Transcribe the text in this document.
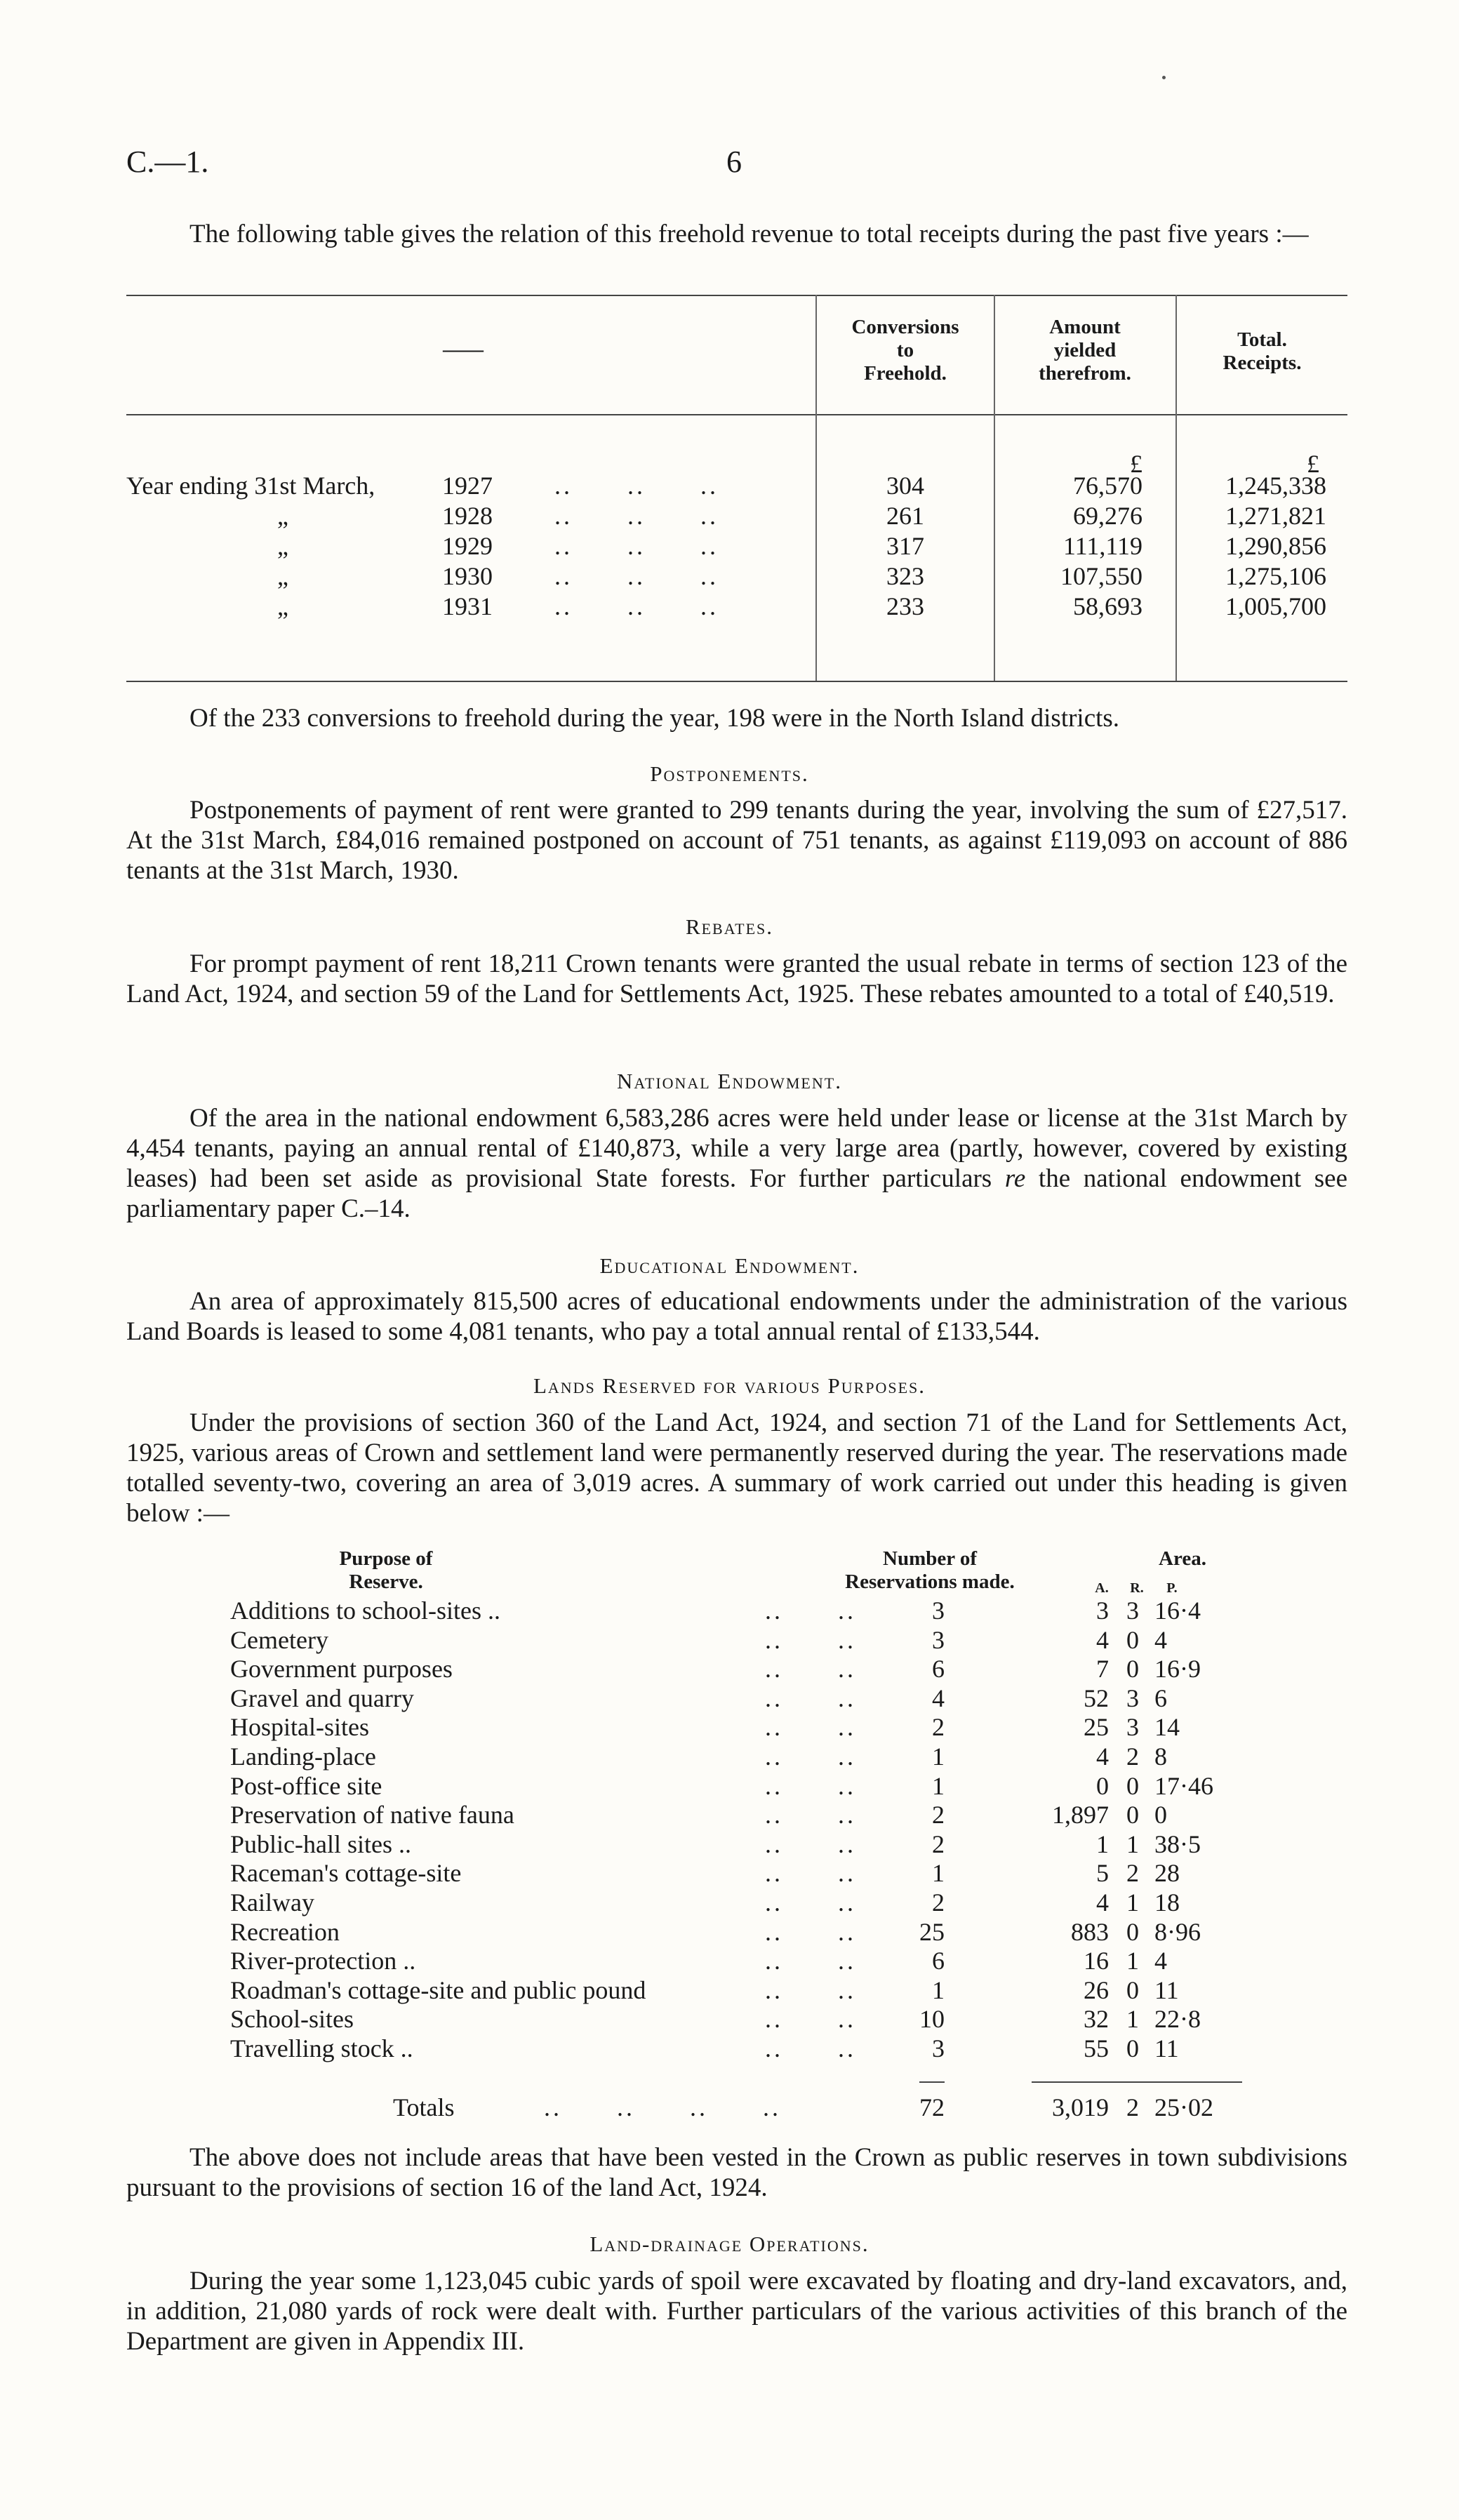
C.—1.	6
The following table gives the relation of this freehold revenue to total receipts during the past five years :—
——
Conversions
to
Freehold.
Amount
yielded
therefrom.
Total.
Receipts.
£	£
Year ending 31st March,	1927 ..      ..      ..	304	76,570	1,245,338
„	1928 ..      ..      ..	261	69,276	1,271,821
„	1929 ..      ..      ..	317	111,119	1,290,856
„	1930 ..      ..      ..	323	107,550	1,275,106
„	1931 ..      ..      ..	233	58,693	1,005,700
Of the 233 conversions to freehold during the year, 198 were in the North Island districts.
Postponements.
Postponements of payment of rent were granted to 299 tenants during the year, involving the sum of £27,517. At the 31st March, £84,016 remained postponed on account of 751 tenants, as against £119,093 on account of 886 tenants at the 31st March, 1930.
Rebates.
For prompt payment of rent 18,211 Crown tenants were granted the usual rebate in terms of section 123 of the Land Act, 1924, and section 59 of the Land for Settlements Act, 1925. These rebates amounted to a total of £40,519.
National Endowment.
Of the area in the national endowment 6,583,286 acres were held under lease or license at the 31st March by 4,454 tenants, paying an annual rental of £140,873, while a very large area (partly, however, covered by existing leases) had been set aside as provisional State forests. For further particulars re the national endowment see parliamentary paper C.–14.
Educational Endowment.
An area of approximately 815,500 acres of educational endowments under the administration of the various Land Boards is leased to some 4,081 tenants, who pay a total annual rental of £133,544.
Lands Reserved for various Purposes.
Under the provisions of section 360 of the Land Act, 1924, and section 71 of the Land for Settlements Act, 1925, various areas of Crown and settlement land were permanently reserved during the year. The reservations made totalled seventy-two, covering an area of 3,019 acres. A summary of work carried out under this heading is given below :—
Purpose of
Reserve.
Number of
Reservations made.
Area.
A.	R.	P.
Additions to school-sites ..	..      ..	3	3 3 16·4
Cemetery	..      ..	3	4 0 4
Government purposes	..      ..	6	7 0 16·9
Gravel and quarry	..      ..	4	52 3 6
Hospital-sites	..      ..	2	25 3 14
Landing-place	..      ..	1	4 2 8
Post-office site	..      ..	1	0 0 17·46
Preservation of native fauna	..      ..	2	1,897 0 0
Public-hall sites ..	..      ..	2	1 1 38·5
Raceman's cottage-site	..      ..	1	5 2 28
Railway	..      ..	2	4 1 18
Recreation	..      ..	25	883 0 8·96
River-protection ..	..      ..	6	16 1 4
Roadman's cottage-site and public pound	..      ..	1	26 0 11
School-sites	..      ..	10	32 1 22·8
Travelling stock ..	..      ..	3	55 0 11
Totals	..      ..      ..      ..	72	3,019 2 25·02
The above does not include areas that have been vested in the Crown as public reserves in town subdivisions pursuant to the provisions of section 16 of the land Act, 1924.
Land-drainage Operations.
During the year some 1,123,045 cubic yards of spoil were excavated by floating and dry-land excavators, and, in addition, 21,080 yards of rock were dealt with. Further particulars of the various activities of this branch of the Department are given in Appendix III.
